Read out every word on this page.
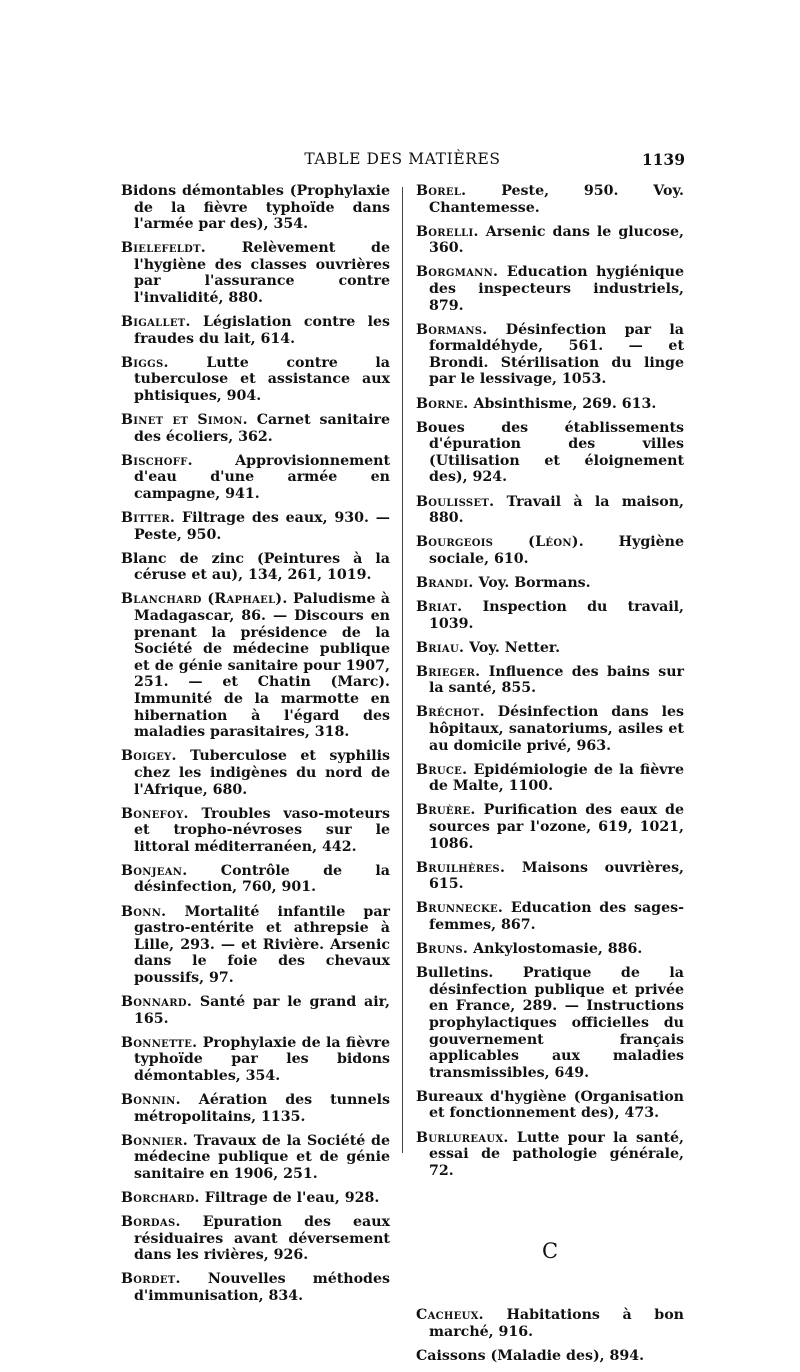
TABLE DES MATIÈRES	1139

Bidons démontables (Prophylaxie de la fièvre typhoïde dans l'armée par des), 354.

Bielefeldt. Relèvement de l'hygiène des classes ouvrières par l'assurance contre l'invalidité, 880.

Bigallet. Législation contre les fraudes du lait, 614.

Biggs. Lutte contre la tuberculose et assistance aux phtisiques, 904.

Binet et Simon. Carnet sanitaire des écoliers, 362.

Bischoff. Approvisionnement d'eau d'une armée en campagne, 941.

Bitter. Filtrage des eaux, 930. — Peste, 950.

Blanc de zinc (Peintures à la céruse et au), 134, 261, 1019.

Blanchard (Raphael). Paludisme à Madagascar, 86. — Discours en prenant la présidence de la Société de médecine publique et de génie sanitaire pour 1907, 251. — et Chatin (Marc). Immunité de la marmotte en hibernation à l'égard des maladies parasitaires, 318.

Boigey. Tuberculose et syphilis chez les indigènes du nord de l'Afrique, 680.

Bonefoy. Troubles vaso-moteurs et tropho-névroses sur le littoral méditerranéen, 442.

Bonjean. Contrôle de la désinfection, 760, 901.

Bonn. Mortalité infantile par gastro-entérite et athrepsie à Lille, 293. — et Rivière. Arsenic dans le foie des chevaux poussifs, 97.

Bonnard. Santé par le grand air, 165.

Bonnette. Prophylaxie de la fièvre typhoïde par les bidons démontables, 354.

Bonnin. Aération des tunnels métropolitains, 1135.

Bonnier. Travaux de la Société de médecine publique et de génie sanitaire en 1906, 251.

Borchard. Filtrage de l'eau, 928.

Bordas. Epuration des eaux résiduaires avant déversement dans les rivières, 926.

Bordet. Nouvelles méthodes d'immunisation, 834.

Borel. Peste, 950. Voy. Chantemesse.

Borelli. Arsenic dans le glucose, 360.

Borgmann. Education hygiénique des inspecteurs industriels, 879.

Bormans. Désinfection par la formaldéhyde, 561. — et Brondi. Stérilisation du linge par le lessivage, 1053.

Borne. Absinthisme, 269. 613.

Boues des établissements d'épuration des villes (Utilisation et éloignement des), 924.

Boulisset. Travail à la maison, 880.

Bourgeois (Léon). Hygiène sociale, 610.

Brandi. Voy. Bormans.

Briat. Inspection du travail, 1039.

Briau. Voy. Netter.

Brieger. Influence des bains sur la santé, 855.

Bréchot. Désinfection dans les hôpitaux, sanatoriums, asiles et au domicile privé, 963.

Bruce. Epidémiologie de la fièvre de Malte, 1100.

Bruère. Purification des eaux de sources par l'ozone, 619, 1021, 1086.

Bruilhères. Maisons ouvrières, 615.

Brunnecke. Education des sages-femmes, 867.

Bruns. Ankylostomasie, 886.

Bulletins. Pratique de la désinfection publique et privée en France, 289. — Instructions prophylactiques officielles du gouvernement français applicables aux maladies transmissibles, 649.

Bureaux d'hygiène (Organisation et fonctionnement des), 473.

Burlureaux. Lutte pour la santé, essai de pathologie générale, 72.

C

Cacheux. Habitations à bon marché, 916.

Caissons (Maladie des), 894.
